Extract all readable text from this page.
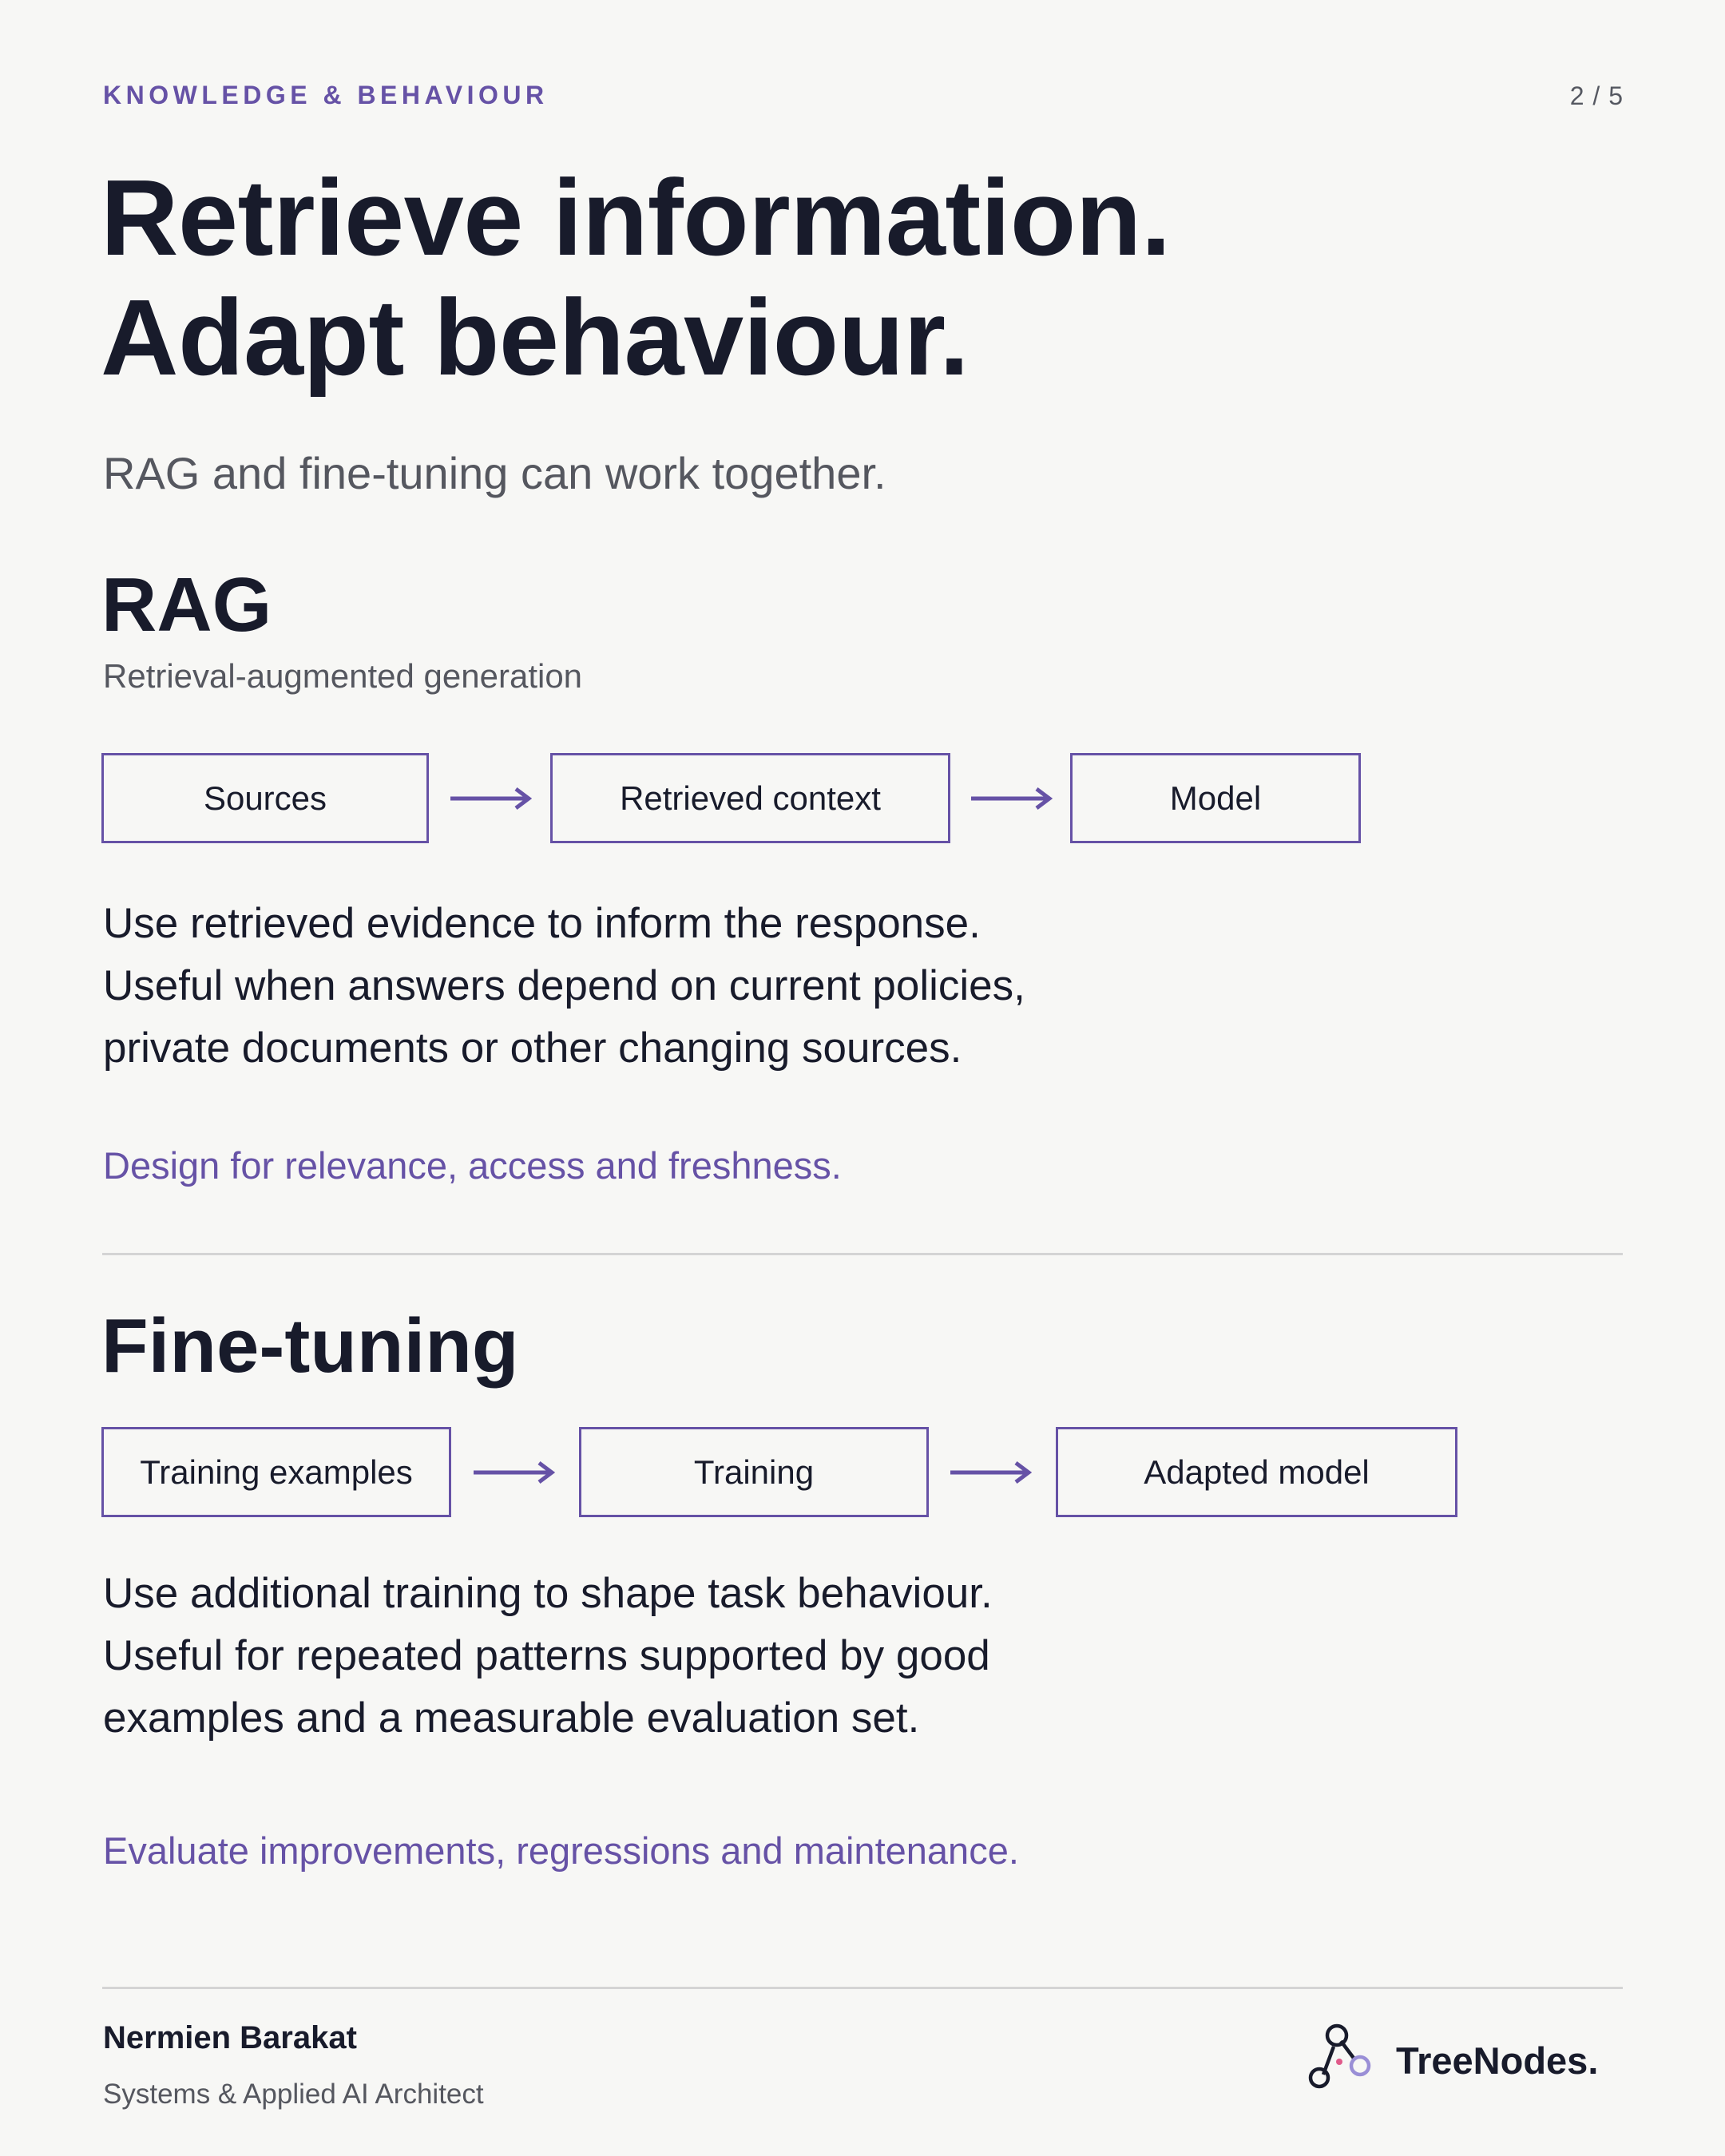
KNOWLEDGE & BEHAVIOUR	2 / 5
Retrieve information.
Adapt behaviour.
RAG and fine-tuning can work together.
RAG
Retrieval-augmented generation
Sources	Retrieved context	Model
Use retrieved evidence to inform the response.
Useful when answers depend on current policies,
private documents or other changing sources.
Design for relevance, access and freshness.
Fine-tuning
Training examples	Training	Adapted model
Use additional training to shape task behaviour.
Useful for repeated patterns supported by good
examples and a measurable evaluation set.
Evaluate improvements, regressions and maintenance.
Nermien Barakat
Systems & Applied AI Architect
TreeNodes.
